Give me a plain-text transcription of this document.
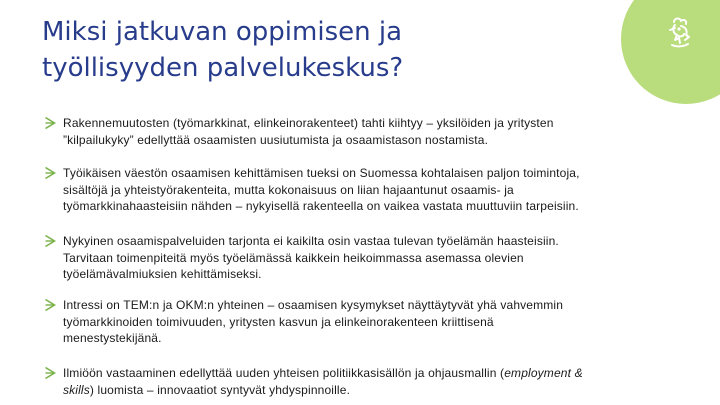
Miksi jatkuvan oppimisen ja
työllisyyden palvelukeskus?
Rakennemuutosten (työmarkkinat, elinkeinorakenteet) tahti kiihtyy – yksilöiden ja yritysten
”kilpailukyky” edellyttää osaamisten uusiutumista ja osaamistason nostamista.
Työikäisen väestön osaamisen kehittämisen tueksi on Suomessa kohtalaisen paljon toimintoja,
sisältöjä ja yhteistyörakenteita, mutta kokonaisuus on liian hajaantunut osaamis- ja
työmarkkinahaasteisiin nähden – nykyisellä rakenteella on vaikea vastata muuttuviin tarpeisiin.
Nykyinen osaamispalveluiden tarjonta ei kaikilta osin vastaa tulevan työelämän haasteisiin.
Tarvitaan toimenpiteitä myös työelämässä kaikkein heikoimmassa asemassa olevien
työelämävalmiuksien kehittämiseksi.
Intressi on TEM:n ja OKM:n yhteinen – osaamisen kysymykset näyttäytyvät yhä vahvemmin
työmarkkinoiden toimivuuden, yritysten kasvun ja elinkeinorakenteen kriittisenä
menestystekijänä.
Ilmiöön vastaaminen edellyttää uuden yhteisen politiikkasisällön ja ohjausmallin (employment &
skills) luomista – innovaatiot syntyvät yhdyspinnoille.
